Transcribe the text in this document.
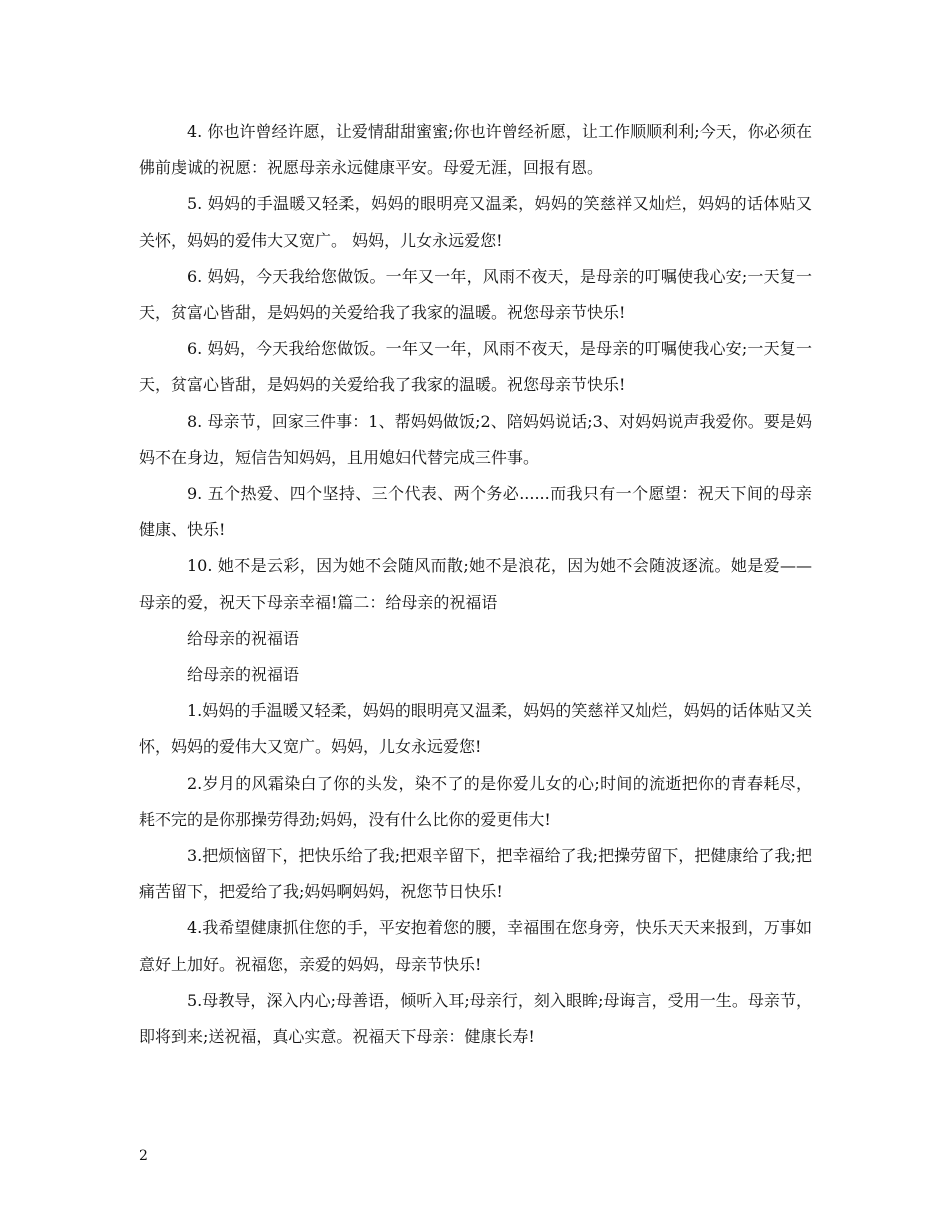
4. 你也许曾经许愿，让爱情甜甜蜜蜜;你也许曾经祈愿，让工作顺顺利利;今天，你必须在佛前虔诚的祝愿：祝愿母亲永远健康平安。母爱无涯，回报有恩。

5. 妈妈的手温暖又轻柔，妈妈的眼明亮又温柔，妈妈的笑慈祥又灿烂，妈妈的话体贴又关怀，妈妈的爱伟大又宽广。 妈妈，儿女永远爱您!

6. 妈妈，今天我给您做饭。一年又一年，风雨不夜天，是母亲的叮嘱使我心安;一天复一天，贫富心皆甜，是妈妈的关爱给我了我家的温暖。祝您母亲节快乐!

6. 妈妈，今天我给您做饭。一年又一年，风雨不夜天，是母亲的叮嘱使我心安;一天复一天，贫富心皆甜，是妈妈的关爱给我了我家的温暖。祝您母亲节快乐!

8. 母亲节，回家三件事：1、帮妈妈做饭;2、陪妈妈说话;3、对妈妈说声我爱你。要是妈妈不在身边，短信告知妈妈，且用媳妇代替完成三件事。

9. 五个热爱、四个坚持、三个代表、两个务必......而我只有一个愿望：祝天下间的母亲健康、快乐!

10. 她不是云彩，因为她不会随风而散;她不是浪花，因为她不会随波逐流。她是爱——母亲的爱，祝天下母亲幸福!篇二：给母亲的祝福语

给母亲的祝福语

给母亲的祝福语

1.妈妈的手温暖又轻柔，妈妈的眼明亮又温柔，妈妈的笑慈祥又灿烂，妈妈的话体贴又关怀，妈妈的爱伟大又宽广。妈妈，儿女永远爱您!

2.岁月的风霜染白了你的头发，染不了的是你爱儿女的心;时间的流逝把你的青春耗尽，耗不完的是你那操劳得劲;妈妈，没有什么比你的爱更伟大!

3.把烦恼留下，把快乐给了我;把艰辛留下，把幸福给了我;把操劳留下，把健康给了我;把痛苦留下，把爱给了我;妈妈啊妈妈，祝您节日快乐!

4.我希望健康抓住您的手，平安抱着您的腰，幸福围在您身旁，快乐天天来报到，万事如意好上加好。祝福您，亲爱的妈妈，母亲节快乐!

5.母教导，深入内心;母善语，倾听入耳;母亲行，刻入眼眸;母诲言，受用一生。母亲节，即将到来;送祝福，真心实意。祝福天下母亲：健康长寿!

2
